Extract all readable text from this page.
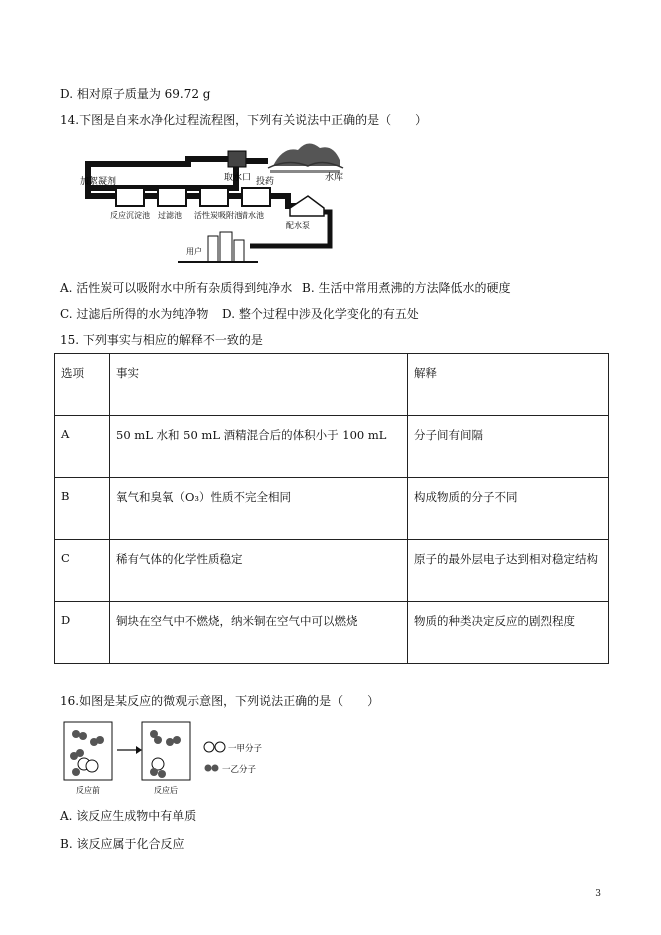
D. 相对原子质量为 69.72 g
14.下图是自来水净化过程流程图，下列有关说法中正确的是（　　）
加絮凝剂	取水口	水库
投药
反应沉淀池 过滤池 活性炭吸附池
清水池
配水泵
用户
A. 活性炭可以吸附水中所有杂质得到纯净水 B. 生活中常用煮沸的方法降低水的硬度
C. 过滤后所得的水为纯净物 D. 整个过程中涉及化学变化的有五处
15. 下列事实与相应的解释不一致的是
选项	事实	解释
A	50 mL 水和 50 mL 酒精混合后的体积小于 100 mL	分子间有间隔
B	氧气和臭氧（O₃）性质不完全相同	构成物质的分子不同
C	稀有气体的化学性质稳定	原子的最外层电子达到相对稳定结构
D	铜块在空气中不燃烧，纳米铜在空气中可以燃烧	物质的种类决定反应的剧烈程度
16.如图是某反应的微观示意图，下列说法正确的是（　　）
一甲分子
一乙分子
反应前	反应后
A. 该反应生成物中有单质
B. 该反应属于化合反应
3
